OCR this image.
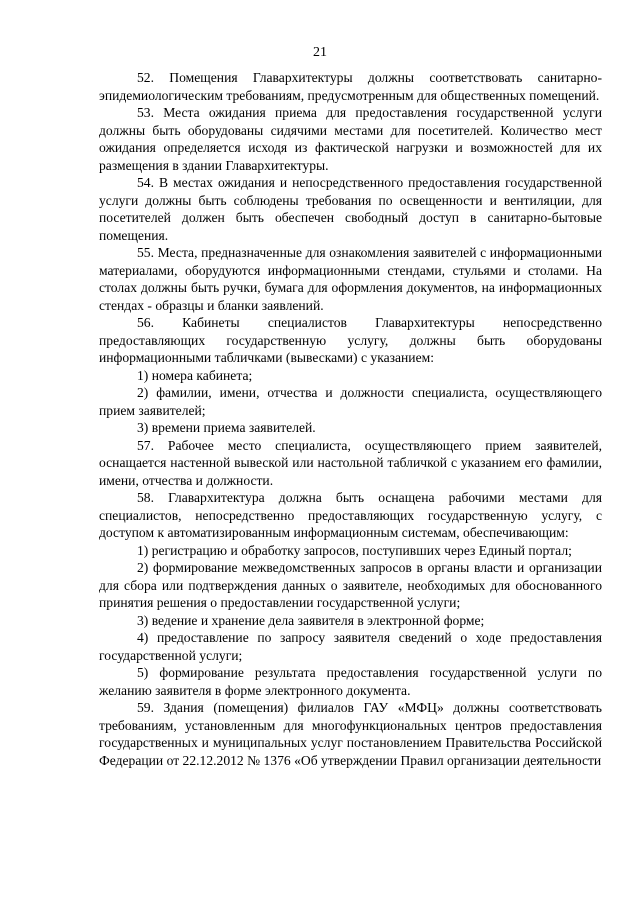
21

52. Помещения Главархитектуры должны соответствовать санитарно-эпидемиологическим требованиям, предусмотренным для общественных помещений.

53. Места ожидания приема для предоставления государственной услуги должны быть оборудованы сидячими местами для посетителей. Количество мест ожидания определяется исходя из фактической нагрузки и возможностей для их размещения в здании Главархитектуры.

54. В местах ожидания и непосредственного предоставления государственной услуги должны быть соблюдены требования по освещенности и вентиляции, для посетителей должен быть обеспечен свободный доступ в санитарно-бытовые помещения.

55. Места, предназначенные для ознакомления заявителей с информационными материалами, оборудуются информационными стендами, стульями и столами. На столах должны быть ручки, бумага для оформления документов, на информационных стендах - образцы и бланки заявлений.

56. Кабинеты специалистов Главархитектуры непосредственно предоставляющих государственную услугу, должны быть оборудованы информационными табличками (вывесками) с указанием:

1) номера кабинета;

2) фамилии, имени, отчества и должности специалиста, осуществляющего прием заявителей;

3) времени приема заявителей.

57. Рабочее место специалиста, осуществляющего прием заявителей, оснащается настенной вывеской или настольной табличкой с указанием его фамилии, имени, отчества и должности.

58. Главархитектура должна быть оснащена рабочими местами для специалистов, непосредственно предоставляющих государственную услугу, с доступом к автоматизированным информационным системам, обеспечивающим:

1) регистрацию и обработку запросов, поступивших через Единый портал;

2) формирование межведомственных запросов в органы власти и организации для сбора или подтверждения данных о заявителе, необходимых для обоснованного принятия решения о предоставлении государственной услуги;

3) ведение и хранение дела заявителя в электронной форме;

4) предоставление по запросу заявителя сведений о ходе предоставления государственной услуги;

5) формирование результата предоставления государственной услуги по желанию заявителя в форме электронного документа.

59. Здания (помещения) филиалов ГАУ «МФЦ» должны соответствовать требованиям, установленным для многофункциональных центров предоставления государственных и муниципальных услуг постановлением Правительства Российской Федерации от 22.12.2012 № 1376 «Об утверждении Правил организации деятельности
